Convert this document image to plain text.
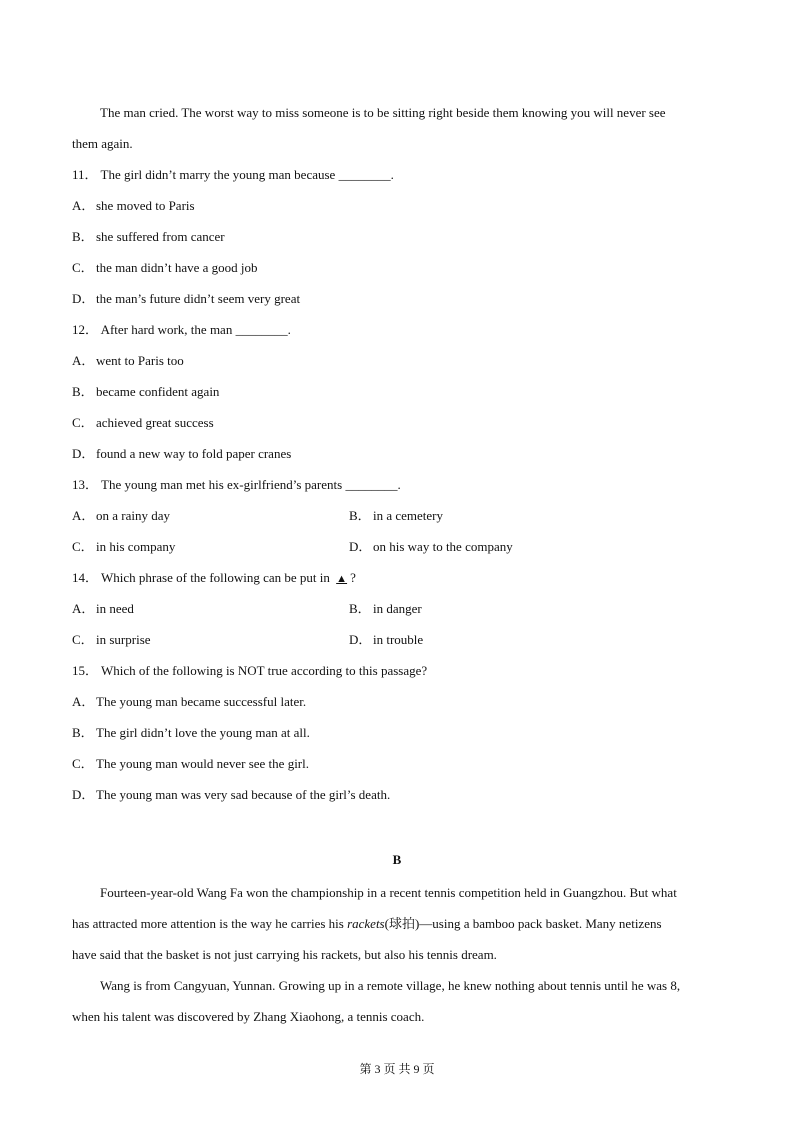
The man cried. The worst way to miss someone is to be sitting right beside them knowing you will never see
them again.
11． The girl didn’t marry the young man because ________.
A． she moved to Paris
B． she suffered from cancer
C． the man didn’t have a good job
D． the man’s future didn’t seem very great
12． After hard work, the man ________.
A． went to Paris too
B． became confident again
C． achieved great success
D． found a new way to fold paper cranes
13． The young man met his ex-girlfriend’s parents ________.
A． on a rainy day	B． in a cemetery
C． in his company	D． on his way to the company
14． Which phrase of the following can be put in ▲ ?
A． in need	B． in danger
C． in surprise	D． in trouble
15． Which of the following is NOT true according to this passage?
A． The young man became successful later.
B． The girl didn’t love the young man at all.
C． The young man would never see the girl.
D． The young man was very sad because of the girl’s death.
B
Fourteen-year-old Wang Fa won the championship in a recent tennis competition held in Guangzhou. But what
has attracted more attention is the way he carries his rackets(球拍)—using a bamboo pack basket. Many netizens
have said that the basket is not just carrying his rackets, but also his tennis dream.
Wang is from Cangyuan, Yunnan. Growing up in a remote village, he knew nothing about tennis until he was 8,
when his talent was discovered by Zhang Xiaohong, a tennis coach.
第 3 页 共 9 页
